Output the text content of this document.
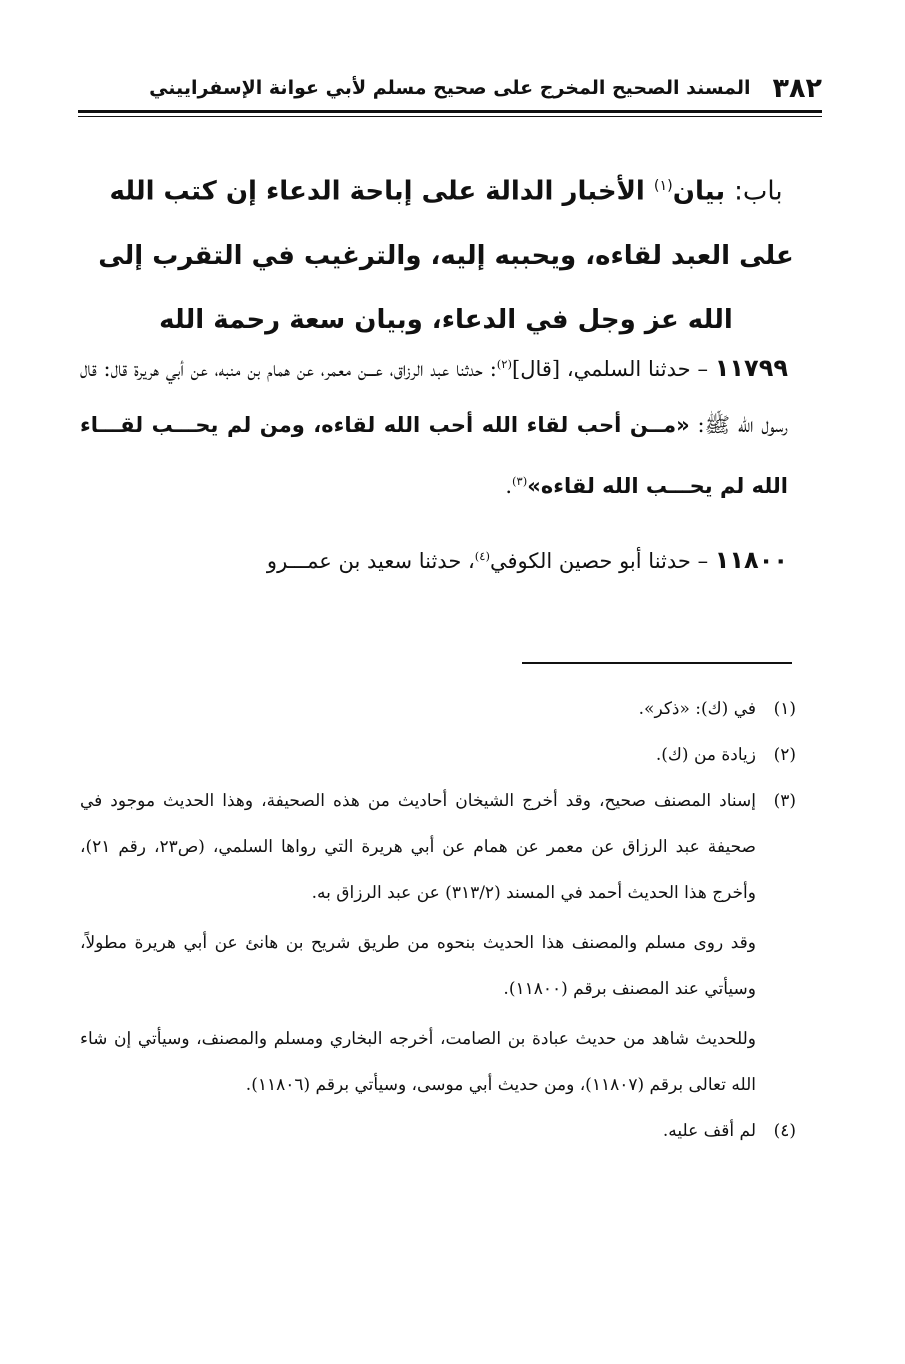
٣٨٢
المسند الصحيح المخرج على صحيح مسلم لأبي عوانة الإسفراييني
باب: بيان$^{(١)}$ الأخبار الدالة على إباحة الدعاء إن كتب الله على العبد لقاءه، ويحببه إليه، والترغيب في التقرب إلى الله عز وجل في الدعاء، وبيان سعة رحمة الله

١١٧٩٩ – حدثنا السلمي، [قال]$^{(٢)}$: حدثنا عبد الرزاق، عـــن معمر، عن همام بن منبه، عن أبي هريرة قال: قال رسول الله ﷺ: «مــن أحب لقاء الله أحب الله لقاءه، ومن لم يحـــب لقـــاء الله لم يحـــب الله لقاءه»$^{(٣)}$.

١١٨٠٠ – حدثنا أبو حصين الكوفي$^{(٤)}$، حدثنا سعيد بن عمـــرو

(١)

في (ك): «ذكر».

(٢)

زيادة من (ك).

(٣)

إسناد المصنف صحيح، وقد أخرج الشيخان أحاديث من هذه الصحيفة، وهذا الحديث موجود في صحيفة عبد الرزاق عن معمر عن همام عن أبي هريرة التي رواها السلمي، (ص٢٣، رقم ٢١)، وأخرج هذا الحديث أحمد في المسند (٣١٣/٢) عن عبد الرزاق به.

وقد روى مسلم والمصنف هذا الحديث بنحوه من طريق شريح بن هانئ عن أبي هريرة مطولاً، وسيأتي عند المصنف برقم (١١٨٠٠).

وللحديث شاهد من حديث عبادة بن الصامت، أخرجه البخاري ومسلم والمصنف، وسيأتي إن شاء الله تعالى برقم (١١٨٠٧)، ومن حديث أبي موسى، وسيأتي برقم (١١٨٠٦).

(٤)

لم أقف عليه.
